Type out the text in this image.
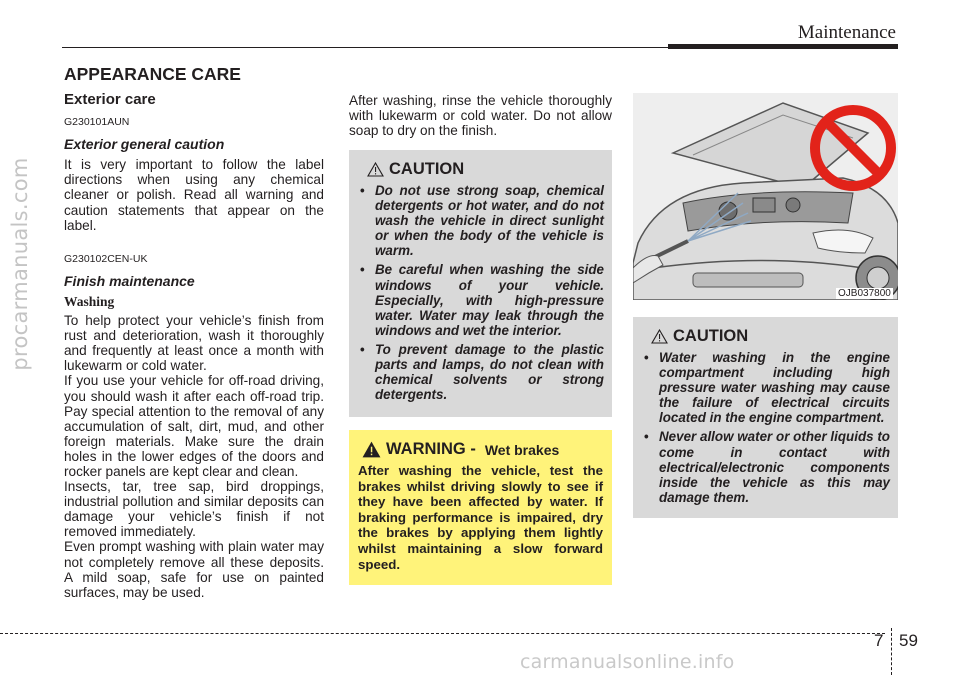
procarmanuals.com
Maintenance
APPEARANCE CARE
Exterior care
G230101AUN
Exterior general caution

It is very important to follow the label directions when using any chemical cleaner or polish. Read all warning and caution statements that appear on the label.

G230102CEN-UK
Finish maintenance
Washing

To help protect your vehicle’s finish from rust and deterioration, wash it thoroughly and frequently at least once a month with lukewarm or cold water.

If you use your vehicle for off-road driving, you should wash it after each off-road trip. Pay special attention to the removal of any accumulation of salt, dirt, mud, and other foreign materials. Make sure the drain holes in the lower edges of the doors and rocker panels are kept clear and clean.

Insects, tar, tree sap, bird droppings, industrial pollution and similar deposits can damage your vehicle’s finish if not removed immediately.

Even prompt washing with plain water may not completely remove all these deposits. A mild soap, safe for use on painted surfaces, may be used.

After washing, rinse the vehicle thoroughly with lukewarm or cold water. Do not allow soap to dry on the finish.

CAUTION
• Do not use strong soap, chemical detergents or hot water, and do not wash the vehicle in direct sunlight or when the body of the vehicle is warm.
• Be careful when washing the side windows of your vehicle. Especially, with high-pressure water. Water may leak through the windows and wet the interior.
• To prevent damage to the plastic parts and lamps, do not clean with chemical solvents or strong detergents.
WARNING - Wet brakes

After washing the vehicle, test the brakes whilst driving slowly to see if they have been affected by water. If braking performance is impaired, dry the brakes by applying them lightly whilst maintaining a slow forward speed.

OJB037800
CAUTION
• Water washing in the engine compartment including high pressure water washing may cause the failure of electrical circuits located in the engine compartment.
• Never allow water or other liquids to come in contact with electrical/electronic components inside the vehicle as this may damage them.
7 59
carmanualsonline.info
